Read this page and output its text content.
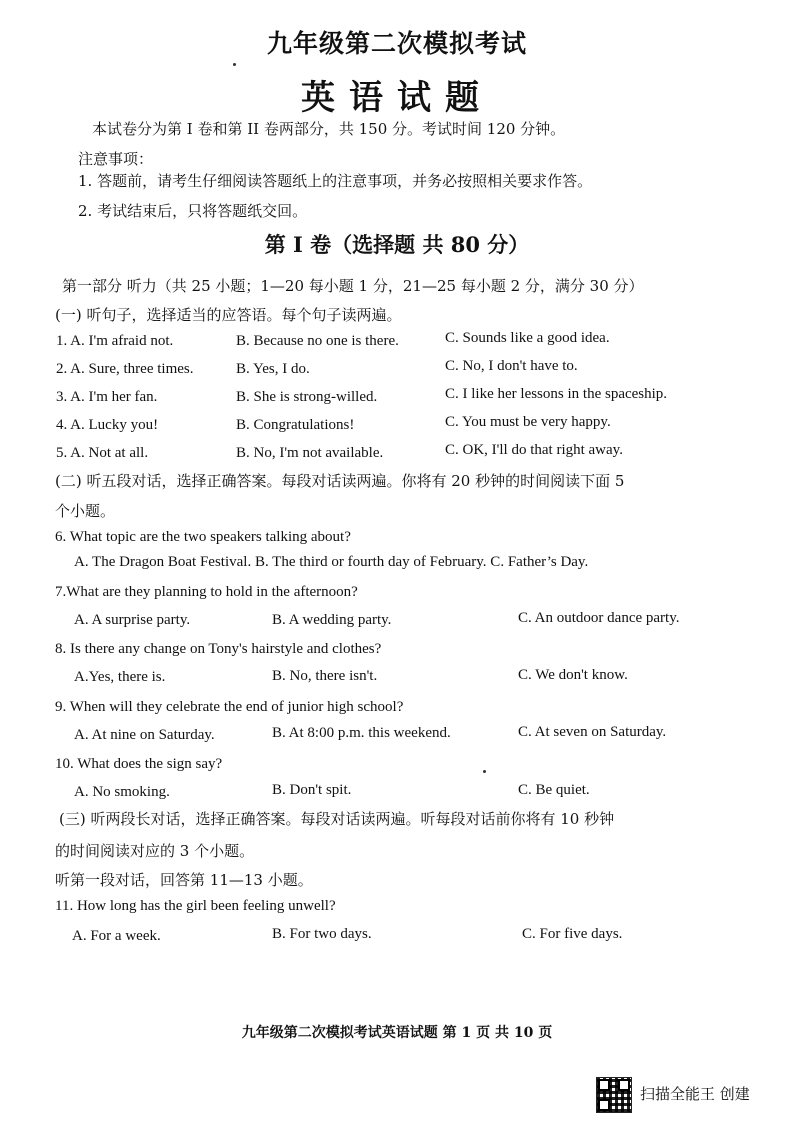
九年级第二次模拟考试
英语试题
本试卷分为第 I 卷和第 II 卷两部分，共 150 分。考试时间 120 分钟。
注意事项：
1. 答题前，请考生仔细阅读答题纸上的注意事项，并务必按照相关要求作答。
2. 考试结束后，只将答题纸交回。
第 I 卷（选择题 共 80 分）
第一部分 听力（共 25 小题；1—20 每小题 1 分，21—25 每小题 2 分，满分 30 分）
(一) 听句子，选择适当的应答语。每个句子读两遍。
1. A. I'm afraid not.	B. Because no one is there.	C. Sounds like a good idea.
2. A. Sure, three times.	B. Yes, I do.	C. No, I don't have to.
3. A. I'm her fan.	B. She is strong-willed.	C. I like her lessons in the spaceship.
4. A. Lucky you!	B. Congratulations!	C. You must be very happy.
5. A. Not at all.	B. No, I'm not available.	C. OK, I'll do that right away.
(二) 听五段对话，选择正确答案。每段对话读两遍。你将有 20 秒钟的时间阅读下面 5
个小题。
6. What topic are the two speakers talking about?
A. The Dragon Boat Festival. B. The third or fourth day of February. C. Father’s Day.
7.What are they planning to hold in the afternoon?
A. A surprise party.	B. A wedding party.	C. An outdoor dance party.
8. Is there any change on Tony's hairstyle and clothes?
A.Yes, there is.	B. No, there isn't.	C. We don't know.
9. When will they celebrate the end of junior high school?
A. At nine on Saturday.	B. At 8:00 p.m. this weekend.	C. At seven on Saturday.
10. What does the sign say?
A. No smoking.	B. Don't spit.	C. Be quiet.
(三) 听两段长对话，选择正确答案。每段对话读两遍。听每段对话前你将有 10 秒钟
的时间阅读对应的 3 个小题。
听第一段对话，回答第 11—13 小题。
11. How long has the girl been feeling unwell?
A. For a week.	B. For two days.	C. For five days.
九年级第二次模拟考试英语试题 第 1 页 共 10 页
扫描全能王 创建
